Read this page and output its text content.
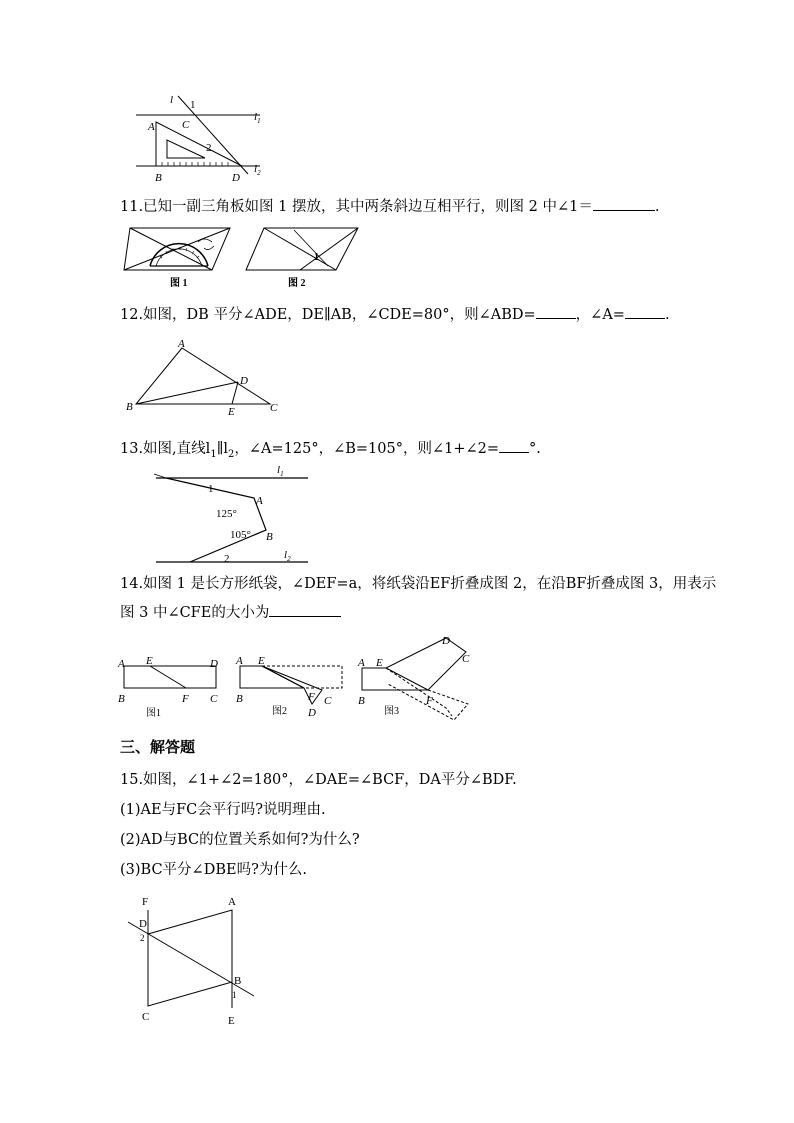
l 1
$l_1$
C
A
2
B	D
$l_2$
11.已知一副三角板如图 1 摆放，其中两条斜边互相平行，则图 2 中∠1＝	.
图 1
1
图 2
12.如图，DB 平分∠ADE，DE∥AB，∠CDE=80°，则∠ABD=	，∠A=	.
A
B	C
D
E
13.如图,直线$l_1\parallel l_2$，∠A=125°，∠B=105°，则∠1+∠2= °.
$l_1$
1
A
125°
105° B
2	$l_2$
14.如图 1 是长方形纸袋，∠DEF=a，将纸袋沿EF折叠成图 2，在沿BF折叠成图 3，用表示
图 3 中∠CFE的大小为
A E	D
B	F C
图1
A E
B	F C
D
图2
A E
D
C
B	F
图3
三、解答题
15.如图，∠1+∠2=180°，∠DAE=∠BCF，DA平分∠BDF.
(1)AE与FC会平行吗?说明理由.
(2)AD与BC的位置关系如何?为什么?
(3)BC平分∠DBE吗?为什么.
F
D
2
A
B
1
C	E
